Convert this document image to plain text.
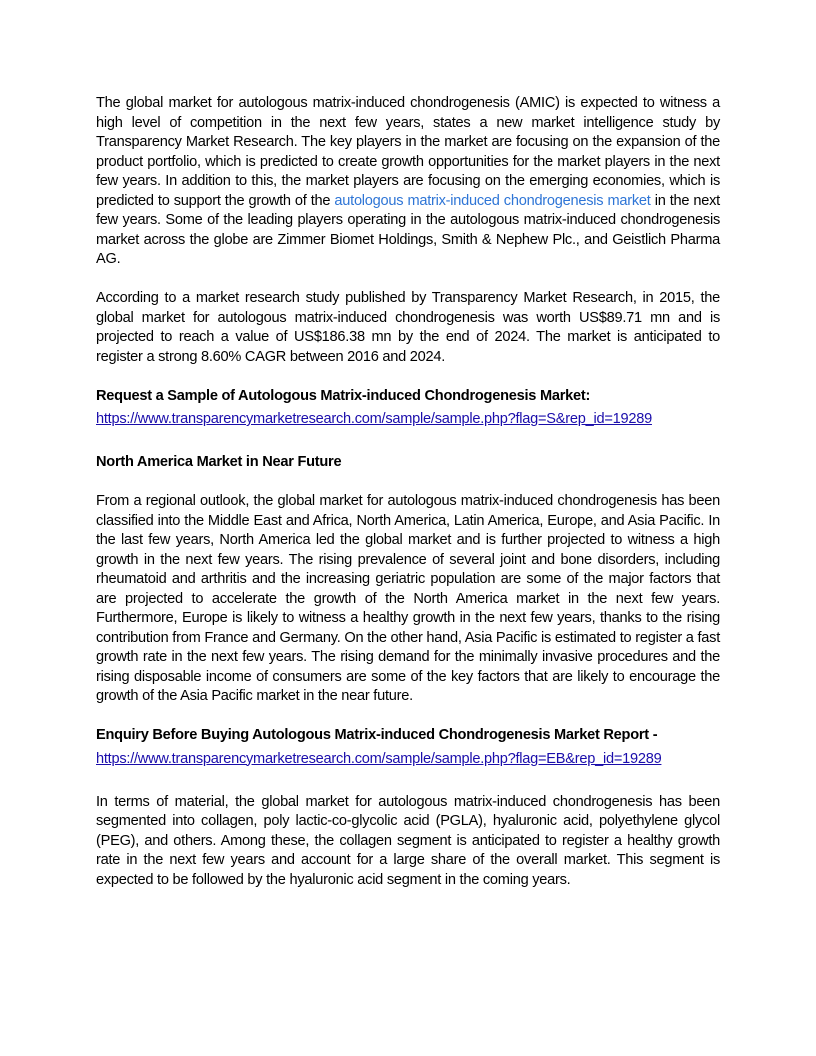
The global market for autologous matrix-induced chondrogenesis (AMIC) is expected to witness a high level of competition in the next few years, states a new market intelligence study by Transparency Market Research. The key players in the market are focusing on the expansion of the product portfolio, which is predicted to create growth opportunities for the market players in the next few years. In addition to this, the market players are focusing on the emerging economies, which is predicted to support the growth of the autologous matrix-induced chondrogenesis market in the next few years. Some of the leading players operating in the autologous matrix-induced chondrogenesis market across the globe are Zimmer Biomet Holdings, Smith & Nephew Plc., and Geistlich Pharma AG.

According to a market research study published by Transparency Market Research, in 2015, the global market for autologous matrix-induced chondrogenesis was worth US$89.71 mn and is projected to reach a value of US$186.38 mn by the end of 2024. The market is anticipated to register a strong 8.60% CAGR between 2016 and 2024.

Request a Sample of Autologous Matrix-induced Chondrogenesis Market:

https://www.transparencymarketresearch.com/sample/sample.php?flag=S&rep_id=19289

North America Market in Near Future

From a regional outlook, the global market for autologous matrix-induced chondrogenesis has been classified into the Middle East and Africa, North America, Latin America, Europe, and Asia Pacific. In the last few years, North America led the global market and is further projected to witness a high growth in the next few years. The rising prevalence of several joint and bone disorders, including rheumatoid and arthritis and the increasing geriatric population are some of the major factors that are projected to accelerate the growth of the North America market in the next few years. Furthermore, Europe is likely to witness a healthy growth in the next few years, thanks to the rising contribution from France and Germany. On the other hand, Asia Pacific is estimated to register a fast growth rate in the next few years. The rising demand for the minimally invasive procedures and the rising disposable income of consumers are some of the key factors that are likely to encourage the growth of the Asia Pacific market in the near future.

Enquiry Before Buying Autologous Matrix-induced Chondrogenesis Market Report -

https://www.transparencymarketresearch.com/sample/sample.php?flag=EB&rep_id=19289

In terms of material, the global market for autologous matrix-induced chondrogenesis has been segmented into collagen, poly lactic-co-glycolic acid (PGLA), hyaluronic acid, polyethylene glycol (PEG), and others. Among these, the collagen segment is anticipated to register a healthy growth rate in the next few years and account for a large share of the overall market. This segment is expected to be followed by the hyaluronic acid segment in the coming years.
